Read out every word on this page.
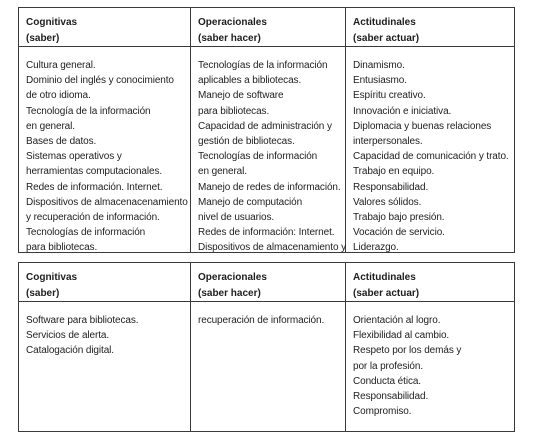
Cognitivas
(saber)
Operacionales
(saber hacer)
Actitudinales
(saber actuar)
Cultura general.
Dominio del inglés y conocimiento
de otro idioma.
Tecnología de la información
en general.
Bases de datos.
Sistemas operativos y
herramientas computacionales.
Redes de información. Internet.
Dispositivos de almacenacenamiento
y recuperación de información.
Tecnologías de información
para bibliotecas.
Tecnologías de la información
aplicables a bibliotecas.
Manejo de software
para bibliotecas.
Capacidad de administración y
gestión de bibliotecas.
Tecnologías de información
en general.
Manejo de redes de información.
Manejo de computación
nivel de usuarios.
Redes de información: Internet.
Dispositivos de almacenamiento y
Dinamismo.
Entusiasmo.
Espíritu creativo.
Innovación e iniciativa.
Diplomacia y buenas relaciones
interpersonales.
Capacidad de comunicación y trato.
Trabajo en equipo.
Responsabilidad.
Valores sólidos.
Trabajo bajo presión.
Vocación de servicio.
Liderazgo.
Cognitivas
(saber)
Operacionales
(saber hacer)
Actitudinales
(saber actuar)
Software para bibliotecas.
Servicios de alerta.
Catalogación digital.
recuperación de información.	Orientación al logro.
Flexibilidad al cambio.
Respeto por los demás y
por la profesión.
Conducta ética.
Responsabilidad.
Compromiso.
